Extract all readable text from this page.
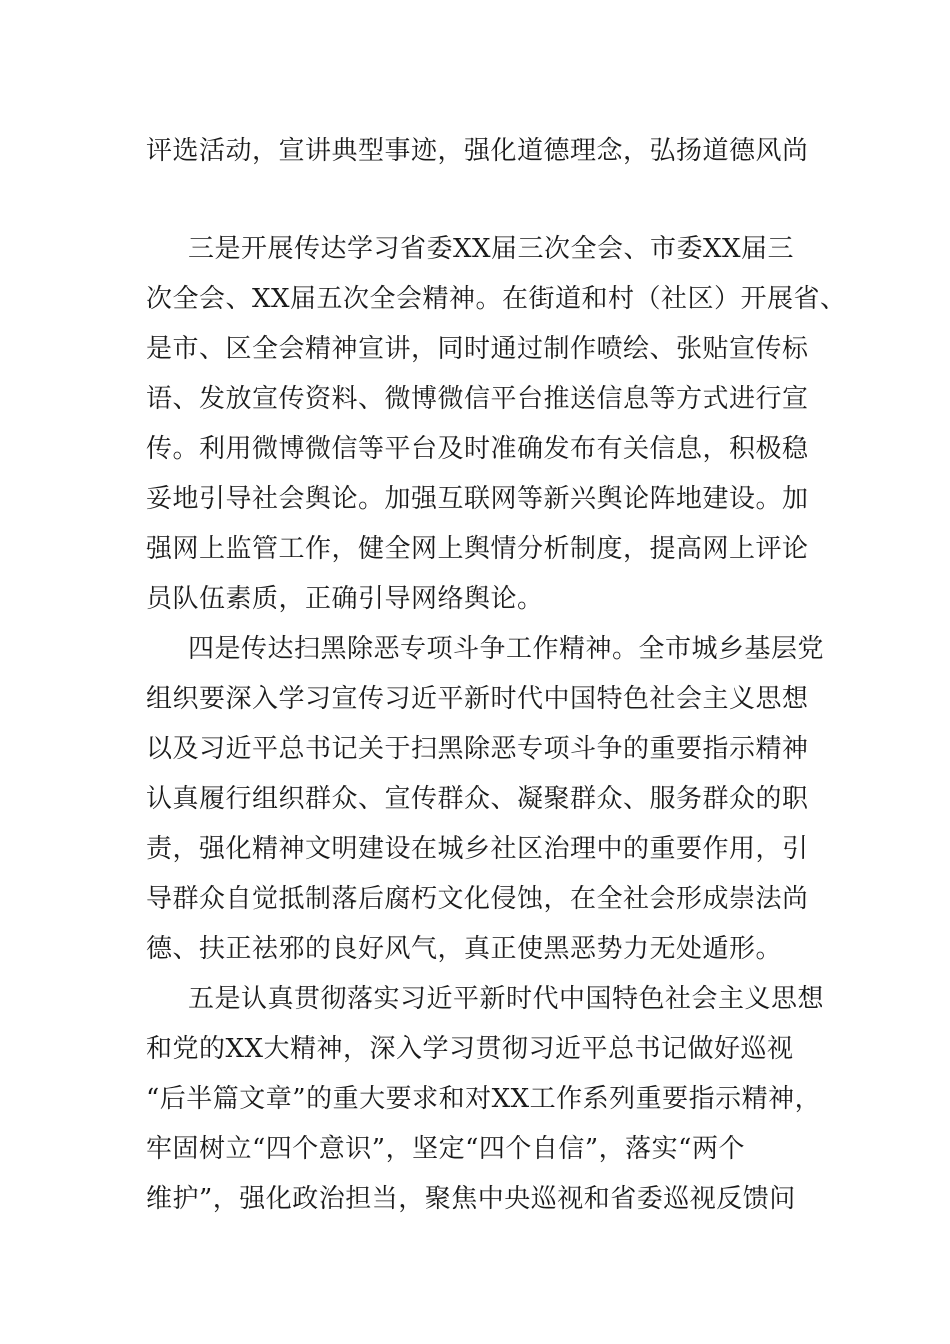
评选活动，宣讲典型事迹，强化道德理念，弘扬道德风尚
三是开展传达学习省委XX届三次全会、市委XX届三
次全会、XX届五次全会精神。在街道和村（社区）开展省、
是市、区全会精神宣讲，同时通过制作喷绘、张贴宣传标
语、发放宣传资料、微博微信平台推送信息等方式进行宣
传。利用微博微信等平台及时准确发布有关信息，积极稳
妥地引导社会舆论。加强互联网等新兴舆论阵地建设。加
强网上监管工作，健全网上舆情分析制度，提高网上评论
员队伍素质，正确引导网络舆论。
四是传达扫黑除恶专项斗争工作精神。全市城乡基层党
组织要深入学习宣传习近平新时代中国特色社会主义思想
以及习近平总书记关于扫黑除恶专项斗争的重要指示精神
认真履行组织群众、宣传群众、凝聚群众、服务群众的职
责，强化精神文明建设在城乡社区治理中的重要作用，引
导群众自觉抵制落后腐朽文化侵蚀，在全社会形成崇法尚
德、扶正祛邪的良好风气，真正使黑恶势力无处遁形。
五是认真贯彻落实习近平新时代中国特色社会主义思想
和党的XX大精神，深入学习贯彻习近平总书记做好巡视
“后半篇文章”的重大要求和对XX工作系列重要指示精神，
牢固树立“四个意识”，坚定“四个自信”，落实“两个
维护”，强化政治担当，聚焦中央巡视和省委巡视反馈问
